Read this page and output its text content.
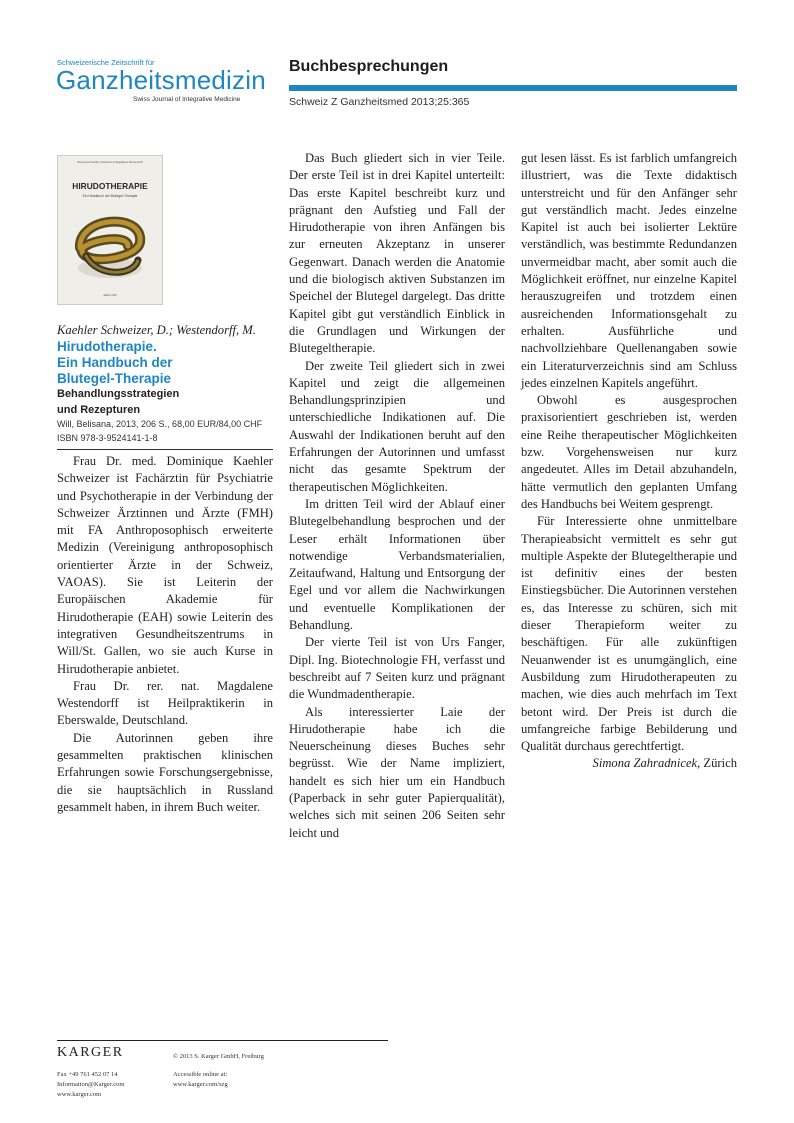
Schweizerische Zeitschrift für
Ganzheitsmedizin
Swiss Journal of Integrative Medicine
Buchbesprechungen
Schweiz Z Ganzheitsmed 2013;25:365
Dominique Kaehler Schweizer & Magdalene Westendorff
HIRUDOTHERAPIE
Ein Handbuch der Blutegel-Therapie
Edition Will
Kaehler Schweizer, D.; Westendorff, M.
Hirudotherapie.
Ein Handbuch der
Blutegel-Therapie
Behandlungsstrategien
und Rezepturen
Will, Belisana, 2013, 206 S., 68,00 EUR/84,00 CHF
ISBN 978-3-9524141-1-8

Frau Dr. med. Dominique Kaehler Schweizer ist Fachärztin für Psychiatrie und Psychotherapie in der Verbindung der Schweizer Ärztinnen und Ärzte (FMH) mit FA Anthroposophisch erweiterte Medizin (Vereinigung anthroposophisch orientierter Ärzte in der Schweiz, VAOAS). Sie ist Leiterin der Europäischen Akademie für Hirudotherapie (EAH) sowie Leiterin des integrativen Gesundheitszentrums in Will/St. Gallen, wo sie auch Kurse in Hirudotherapie anbietet.

Frau Dr. rer. nat. Magdalene Westendorff ist Heilpraktikerin in Eberswalde, Deutschland.

Die Autorinnen geben ihre gesammelten praktischen klinischen Erfahrungen sowie Forschungsergebnisse, die sie hauptsächlich in Russland gesammelt haben, in ihrem Buch weiter.

Das Buch gliedert sich in vier Teile. Der erste Teil ist in drei Kapitel unterteilt: Das erste Kapitel beschreibt kurz und prägnant den Aufstieg und Fall der Hirudotherapie von ihren Anfängen bis zur erneuten Akzeptanz in unserer Gegenwart. Danach werden die Anatomie und die biologisch aktiven Substanzen im Speichel der Blutegel dargelegt. Das dritte Kapitel gibt gut verständlich Einblick in die Grundlagen und Wirkungen der Blutegeltherapie.

Der zweite Teil gliedert sich in zwei Kapitel und zeigt die allgemeinen Behandlungsprinzipien und unterschiedliche Indikationen auf. Die Auswahl der Indikationen beruht auf den Erfahrungen der Autorinnen und umfasst nicht das gesamte Spektrum der therapeutischen Möglichkeiten.

Im dritten Teil wird der Ablauf einer Blutegelbehandlung besprochen und der Leser erhält Informationen über notwendige Verbandsmaterialien, Zeitaufwand, Haltung und Entsorgung der Egel und vor allem die Nachwirkungen und eventuelle Komplikationen der Behandlung.

Der vierte Teil ist von Urs Fanger, Dipl. Ing. Biotechnologie FH, verfasst und beschreibt auf 7 Seiten kurz und prägnant die Wundmadentherapie.

Als interessierter Laie der Hirudotherapie habe ich die Neuerscheinung dieses Buches sehr begrüsst. Wie der Name impliziert, handelt es sich hier um ein Handbuch (Paperback in sehr guter Papierqualität), welches sich mit seinen 206 Seiten sehr leicht und

gut lesen lässt. Es ist farblich umfangreich illustriert, was die Texte didaktisch unterstreicht und für den Anfänger sehr gut verständlich macht. Jedes einzelne Kapitel ist auch bei isolierter Lektüre verständlich, was bestimmte Redundanzen unvermeidbar macht, aber somit auch die Möglichkeit eröffnet, nur einzelne Kapitel herauszugreifen und trotzdem einen ausreichenden Informationsgehalt zu erhalten. Ausführliche und nachvollziehbare Quellenangaben sowie ein Literaturverzeichnis sind am Schluss jedes einzelnen Kapitels angeführt.

Obwohl es ausgesprochen praxisorientiert geschrieben ist, werden eine Reihe therapeutischer Möglichkeiten bzw. Vorgehensweisen nur kurz angedeutet. Alles im Detail abzuhandeln, hätte vermutlich den geplanten Umfang des Handbuchs bei Weitem gesprengt.

Für Interessierte ohne unmittelbare Therapieabsicht vermittelt es sehr gut multiple Aspekte der Blutegeltherapie und ist definitiv eines der besten Einstiegsbücher. Die Autorinnen verstehen es, das Interesse zu schüren, sich mit dieser Therapieform weiter zu beschäftigen. Für alle zukünftigen Neuanwender ist es unumgänglich, eine Ausbildung zum Hirudotherapeuten zu machen, wie dies auch mehrfach im Text betont wird. Der Preis ist durch die umfangreiche farbige Bebilderung und Qualität durchaus gerechtfertigt.

Simona Zahradnicek, Zürich

KARGER	© 2013 S. Karger GmbH, Freiburg
Fax +49 761 452 07 14
Information@Karger.com
www.karger.com
Accessible online at:
www.karger.com/szg
